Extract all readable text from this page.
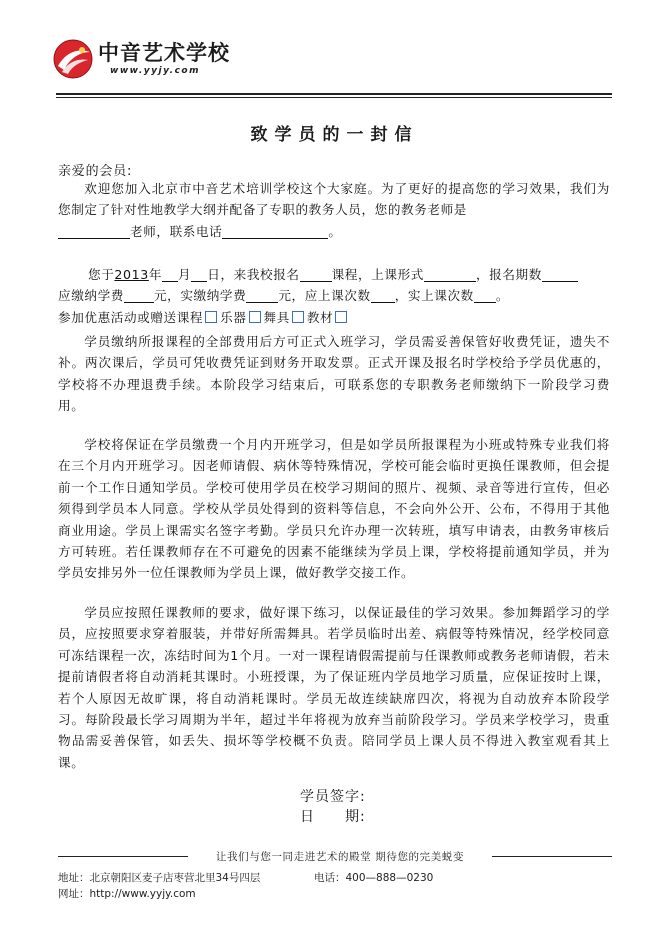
中音艺术学校
www.yyjy.com
致学员的一封信
亲爱的会员:
欢迎您加入北京市中音艺术培训学校这个大家庭。为了更好的提高您的学习效果，我们为您制定了针对性地教学大纲并配备了专职的教务人员，您的教务老师是
老师，联系电话	。
您于2013年 月 日，来我校报名	课程，上课形式	，报名期数
应缴纳学费 元，实缴纳学费	元，应上课次数 ，实上课次数 。
参加优惠活动或赠送课程 乐器 舞具 教材
学员缴纳所报课程的全部费用后方可正式入班学习，学员需妥善保管好收费凭证，遗失不补。两次课后，学员可凭收费凭证到财务开取发票。正式开课及报名时学校给予学员优惠的，学校将不办理退费手续。本阶段学习结束后，可联系您的专职教务老师缴纳下一阶段学习费用。
学校将保证在学员缴费一个月内开班学习，但是如学员所报课程为小班或特殊专业我们将在三个月内开班学习。因老师请假、病休等特殊情况，学校可能会临时更换任课教师，但会提前一个工作日通知学员。学校可使用学员在校学习期间的照片、视频、录音等进行宣传，但必须得到学员本人同意。学校从学员处得到的资料等信息，不会向外公开、公布，不得用于其他商业用途。学员上课需实名签字考勤。学员只允许办理一次转班，填写申请表，由教务审核后方可转班。若任课教师存在不可避免的因素不能继续为学员上课，学校将提前通知学员，并为学员安排另外一位任课教师为学员上课，做好教学交接工作。
学员应按照任课教师的要求，做好课下练习，以保证最佳的学习效果。参加舞蹈学习的学员，应按照要求穿着服装，并带好所需舞具。若学员临时出差、病假等特殊情况，经学校同意可冻结课程一次，冻结时间为1个月。一对一课程请假需提前与任课教师或教务老师请假，若未提前请假者将自动消耗其课时。小班授课，为了保证班内学员地学习质量，应保证按时上课，若个人原因无故旷课，将自动消耗课时。学员无故连续缺席四次，将视为自动放弃本阶段学习。每阶段最长学习周期为半年，超过半年将视为放弃当前阶段学习。学员来学校学习，贵重物品需妥善保管，如丢失、损坏等学校概不负责。陪同学员上课人员不得进入教室观看其上课。
学员签字:
日 期:
让我们与您一同走进艺术的殿堂 期待您的完美蜕变
地址：北京朝阳区麦子店枣营北里34号四层	电话：400—888—0230
网址：http://www.yyjy.com
